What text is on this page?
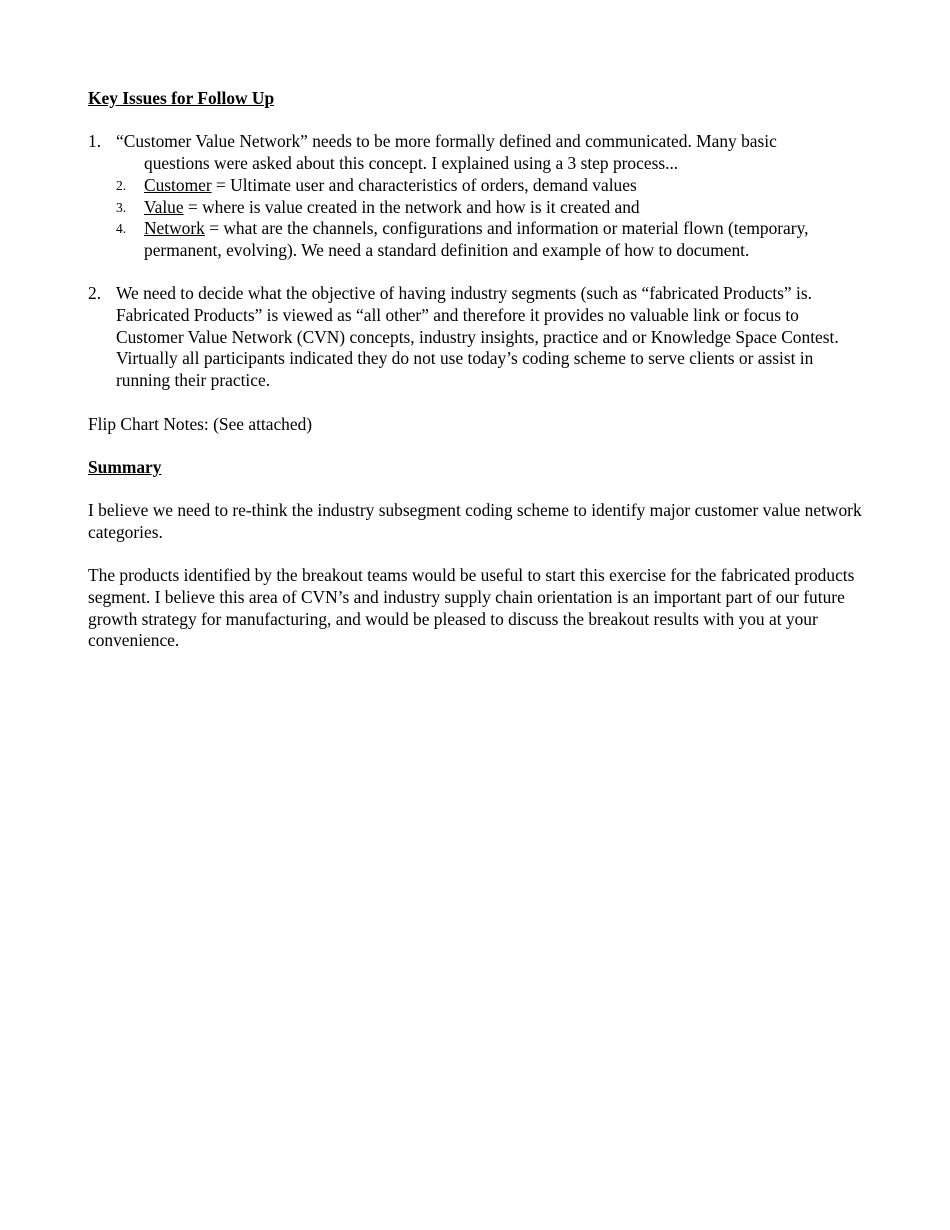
Key Issues for Follow Up

1. “Customer Value Network” needs to be more formally defined and communicated. Many basic
questions were asked about this concept. I explained using a 3 step process...
2. Customer = Ultimate user and characteristics of orders, demand values
3. Value = where is value created in the network and how is it created and
4. Network = what are the channels, configurations and information or material flown (temporary, permanent, evolving). We need a standard definition and example of how to document.
2. We need to decide what the objective of having industry segments (such as “fabricated Products” is. Fabricated Products” is viewed as “all other” and therefore it provides no valuable link or focus to Customer Value Network (CVN) concepts, industry insights, practice and or Knowledge Space Contest. Virtually all participants indicated they do not use today’s coding scheme to serve clients or assist in running their practice.

Flip Chart Notes: (See attached)

Summary

I believe we need to re-think the industry subsegment coding scheme to identify major customer value network categories.

The products identified by the breakout teams would be useful to start this exercise for the fabricated products segment. I believe this area of CVN’s and industry supply chain orientation is an important part of our future growth strategy for manufacturing, and would be pleased to discuss the breakout results with you at your convenience.
